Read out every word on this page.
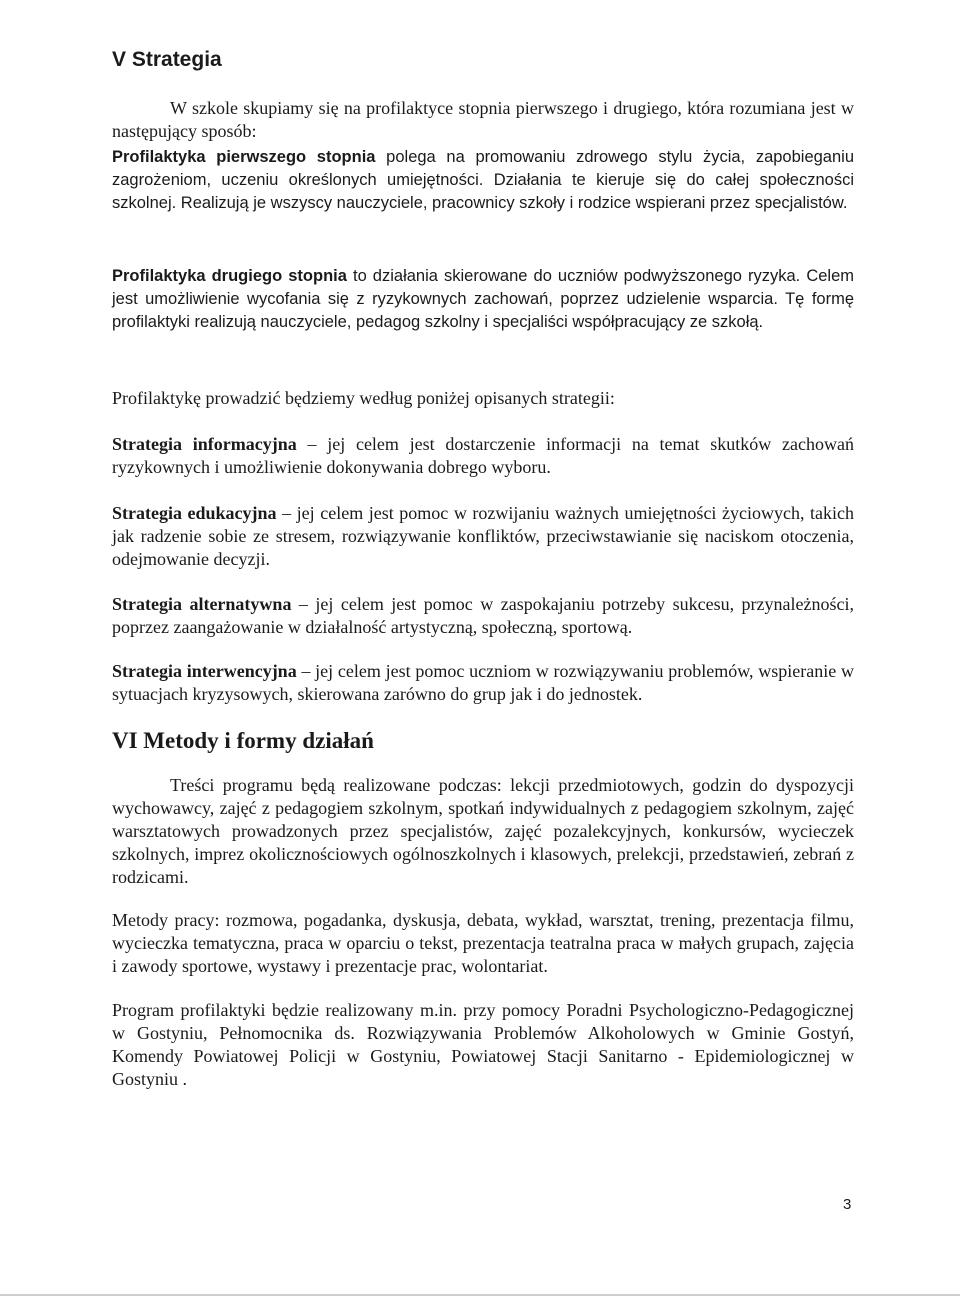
V Strategia

W szkole skupiamy się na profilaktyce stopnia pierwszego i drugiego, która rozumiana jest w następujący sposób:

Profilaktyka pierwszego stopnia polega na promowaniu zdrowego stylu życia, zapobieganiu zagrożeniom, uczeniu określonych umiejętności. Działania te kieruje się do całej społeczności szkolnej. Realizują je wszyscy nauczyciele, pracownicy szkoły i rodzice wspierani przez specjalistów.

Profilaktyka drugiego stopnia to działania skierowane do uczniów podwyższonego ryzyka. Celem jest umożliwienie wycofania się z ryzykownych zachowań, poprzez udzielenie wsparcia. Tę formę profilaktyki realizują nauczyciele, pedagog szkolny i specjaliści współpracujący ze szkołą.

Profilaktykę prowadzić będziemy według poniżej opisanych strategii:

Strategia informacyjna – jej celem jest dostarczenie informacji na temat skutków zachowań ryzykownych i umożliwienie dokonywania dobrego wyboru.

Strategia edukacyjna – jej celem jest pomoc w rozwijaniu ważnych umiejętności życiowych, takich jak radzenie sobie ze stresem, rozwiązywanie konfliktów, przeciwstawianie się naciskom otoczenia, odejmowanie decyzji.

Strategia alternatywna – jej celem jest pomoc w zaspokajaniu potrzeby sukcesu, przynależności, poprzez zaangażowanie w działalność artystyczną, społeczną, sportową.

Strategia interwencyjna – jej celem jest pomoc uczniom w rozwiązywaniu problemów, wspieranie w sytuacjach kryzysowych, skierowana zarówno do grup jak i do jednostek.

VI Metody i formy działań

Treści programu będą realizowane podczas: lekcji przedmiotowych, godzin do dyspozycji wychowawcy, zajęć z pedagogiem szkolnym, spotkań indywidualnych z pedagogiem szkolnym, zajęć warsztatowych prowadzonych przez specjalistów, zajęć pozalekcyjnych, konkursów, wycieczek szkolnych, imprez okolicznościowych ogólnoszkolnych i klasowych, prelekcji, przedstawień, zebrań z rodzicami.

Metody pracy: rozmowa, pogadanka, dyskusja, debata, wykład, warsztat, trening, prezentacja filmu, wycieczka tematyczna, praca w oparciu o tekst, prezentacja teatralna praca w małych grupach, zajęcia i zawody sportowe, wystawy i prezentacje prac, wolontariat.

Program profilaktyki będzie realizowany m.in. przy pomocy Poradni Psychologiczno-Pedagogicznej w Gostyniu, Pełnomocnika ds. Rozwiązywania Problemów Alkoholowych w Gminie Gostyń, Komendy Powiatowej Policji w Gostyniu, Powiatowej Stacji Sanitarno - Epidemiologicznej w Gostyniu .

3
